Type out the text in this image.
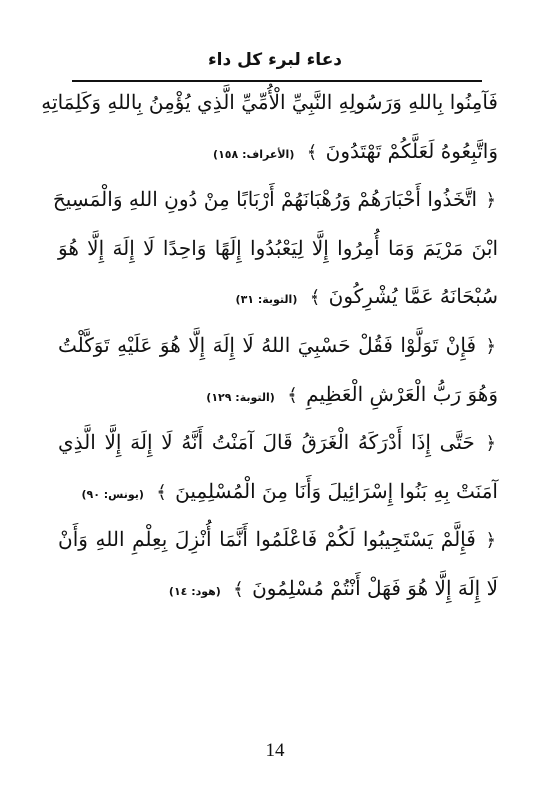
دعاء لبرء كل داء
فَآمِنُوا بِاللهِ وَرَسُولِهِ النَّبِيِّ الْأُمِّيِّ الَّذِي يُؤْمِنُ بِاللهِ وَكَلِمَاتِهِ
وَاتَّبِعُوهُ لَعَلَّكُمْ تَهْتَدُونَ ﴾ (الأعراف: ١٥٨)
﴿ اتَّخَذُوا أَحْبَارَهُمْ وَرُهْبَانَهُمْ أَرْبَابًا مِنْ دُونِ اللهِ وَالْمَسِيحَ
ابْنَ مَرْيَمَ وَمَا أُمِرُوا إِلَّا لِيَعْبُدُوا إِلَهًا وَاحِدًا لَا إِلَهَ إِلَّا هُوَ
سُبْحَانَهُ عَمَّا يُشْرِكُونَ ﴾ (التوبة: ٣١)
﴿ فَإِنْ تَوَلَّوْا فَقُلْ حَسْبِيَ اللهُ لَا إِلَهَ إِلَّا هُوَ عَلَيْهِ تَوَكَّلْتُ
وَهُوَ رَبُّ الْعَرْشِ الْعَظِيمِ ﴾ (التوبة: ١٢٩)
﴿ حَتَّى إِذَا أَدْرَكَهُ الْغَرَقُ قَالَ آمَنْتُ أَنَّهُ لَا إِلَهَ إِلَّا الَّذِي
آمَنَتْ بِهِ بَنُوا إِسْرَائِيلَ وَأَنَا مِنَ الْمُسْلِمِينَ ﴾ (يونس: ٩٠)
﴿ فَإِلَّمْ يَسْتَجِيبُوا لَكُمْ فَاعْلَمُوا أَنَّمَا أُنْزِلَ بِعِلْمِ اللهِ وَأَنْ
لَا إِلَهَ إِلَّا هُوَ فَهَلْ أَنْتُمْ مُسْلِمُونَ ﴾ (هود: ١٤)
14
